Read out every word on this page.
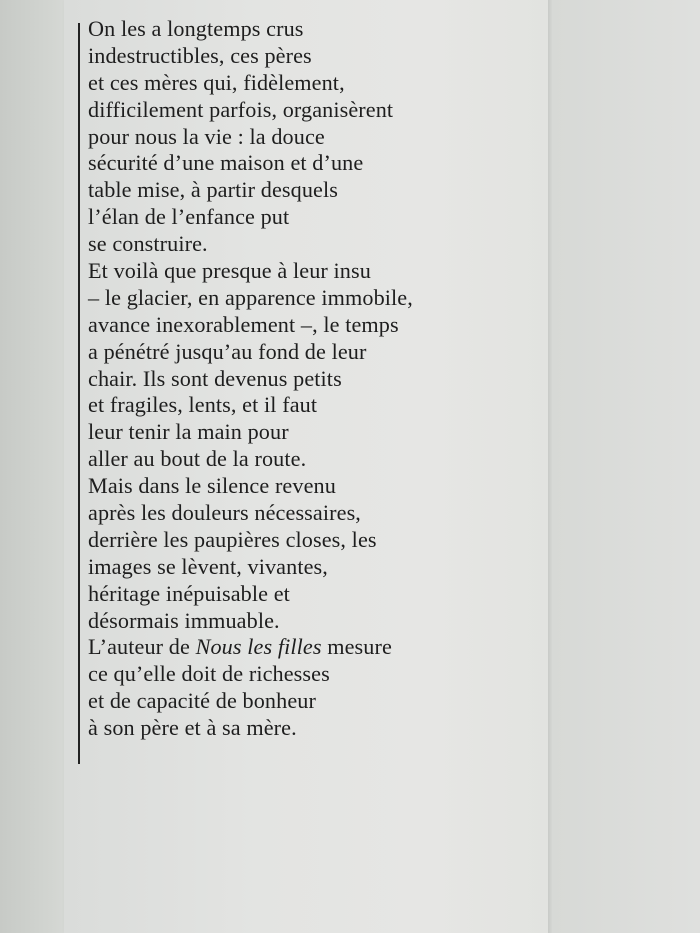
On les a longtemps crus
indestructibles, ces pères
et ces mères qui, fidèlement,
difficilement parfois, organisèrent
pour nous la vie : la douce
sécurité d’une maison et d’une
table mise, à partir desquels
l’élan de l’enfance put
se construire.
Et voilà que presque à leur insu
– le glacier, en apparence immobile,
avance inexorablement –, le temps
a pénétré jusqu’au fond de leur
chair. Ils sont devenus petits
et fragiles, lents, et il faut
leur tenir la main pour
aller au bout de la route.
Mais dans le silence revenu
après les douleurs nécessaires,
derrière les paupières closes, les
images se lèvent, vivantes,
héritage inépuisable et
désormais immuable.
L’auteur de Nous les filles mesure
ce qu’elle doit de richesses
et de capacité de bonheur
à son père et à sa mère.
